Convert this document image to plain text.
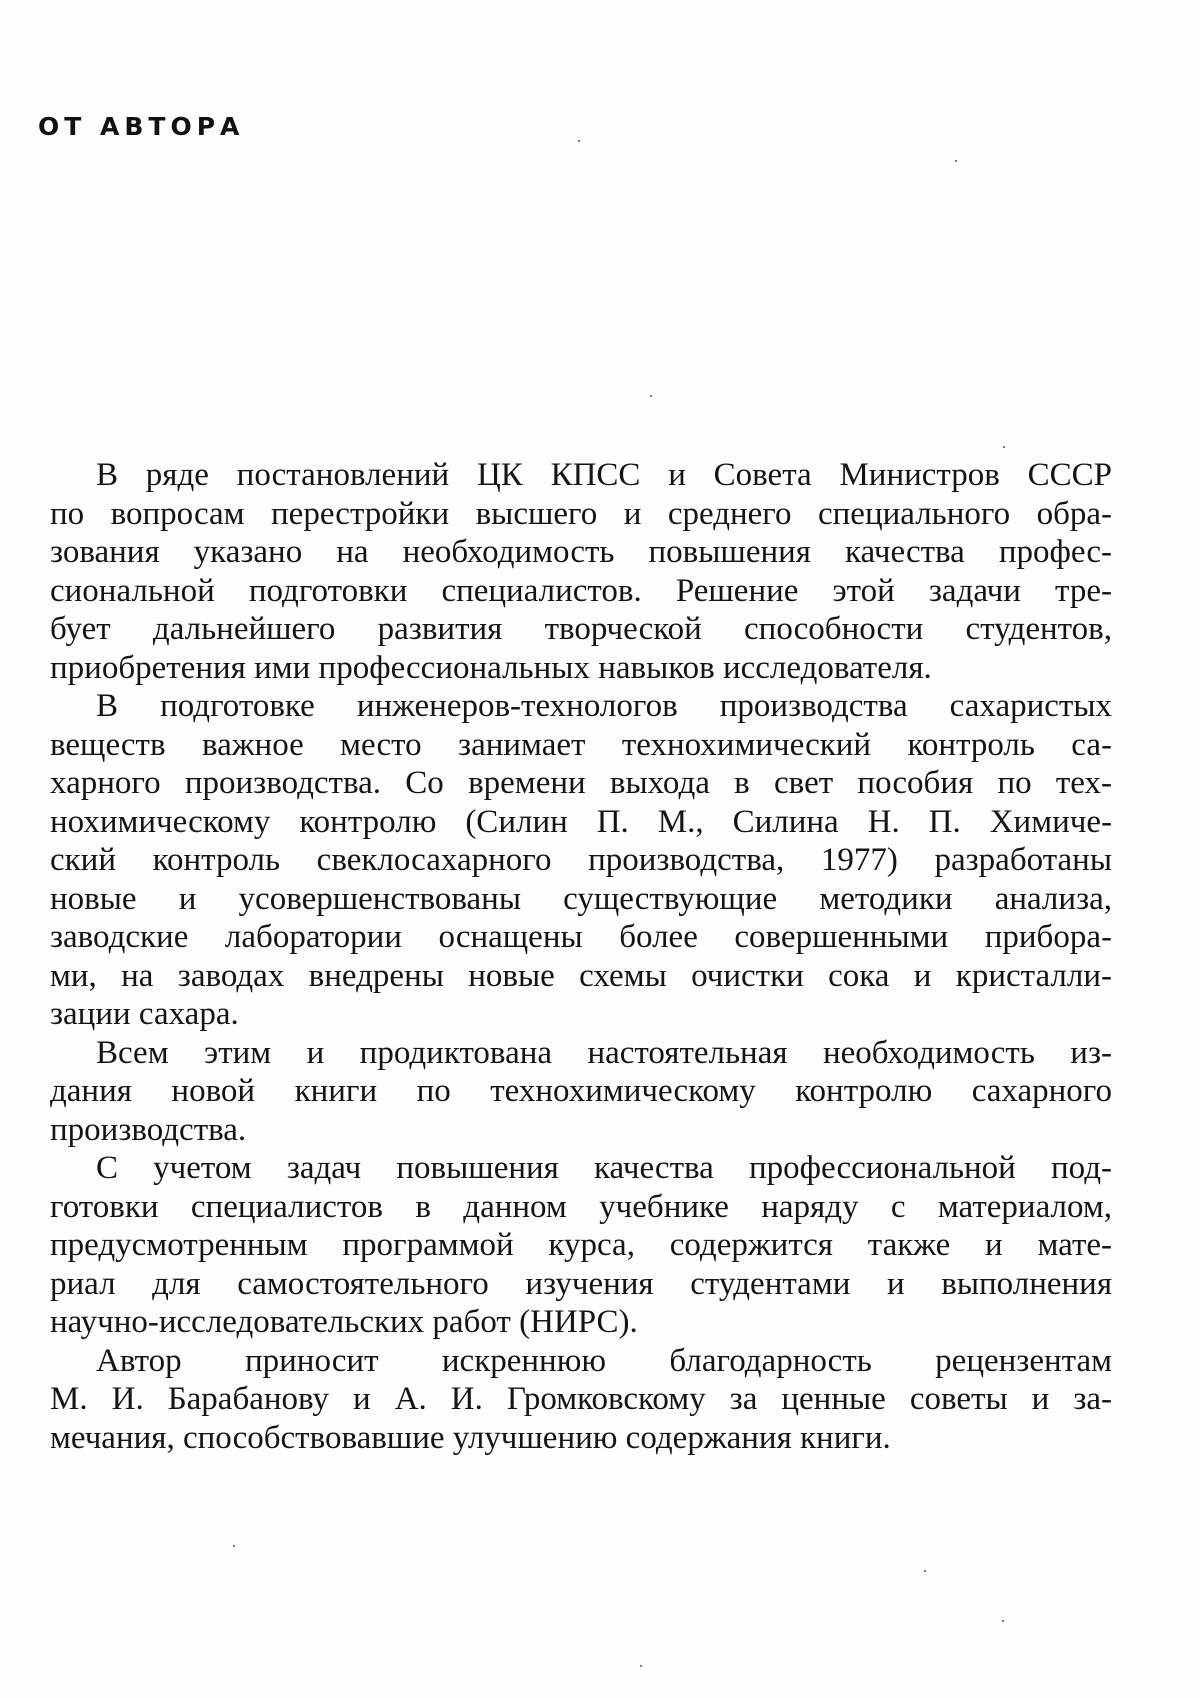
ОТ АВТОРА

В ряде постановлений ЦК КПСС и Совета Министров СССР
по вопросам перестройки высшего и среднего специального обра-
зования указано на необходимость повышения качества профес-
сиональной подготовки специалистов. Решение этой задачи тре-
бует дальнейшего развития творческой способности студентов,
приобретения ими профессиональных навыков исследователя.

В подготовке инженеров-технологов производства сахаристых
веществ важное место занимает технохимический контроль са-
харного производства. Со времени выхода в свет пособия по тех-
нохимическому контролю (Силин П. М., Силина Н. П. Химиче-
ский контроль свеклосахарного производства, 1977) разработаны
новые и усовершенствованы существующие методики анализа,
заводские лаборатории оснащены более совершенными прибора-
ми, на заводах внедрены новые схемы очистки сока и кристалли-
зации сахара.

Всем этим и продиктована настоятельная необходимость из-
дания новой книги по технохимическому контролю сахарного
производства.

С учетом задач повышения качества профессиональной под-
готовки специалистов в данном учебнике наряду с материалом,
предусмотренным программой курса, содержится также и мате-
риал для самостоятельного изучения студентами и выполнения
научно-исследовательских работ (НИРС).

Автор приносит искреннюю благодарность рецензентам
М. И. Барабанову и А. И. Громковскому за ценные советы и за-
мечания, способствовавшие улучшению содержания книги.
